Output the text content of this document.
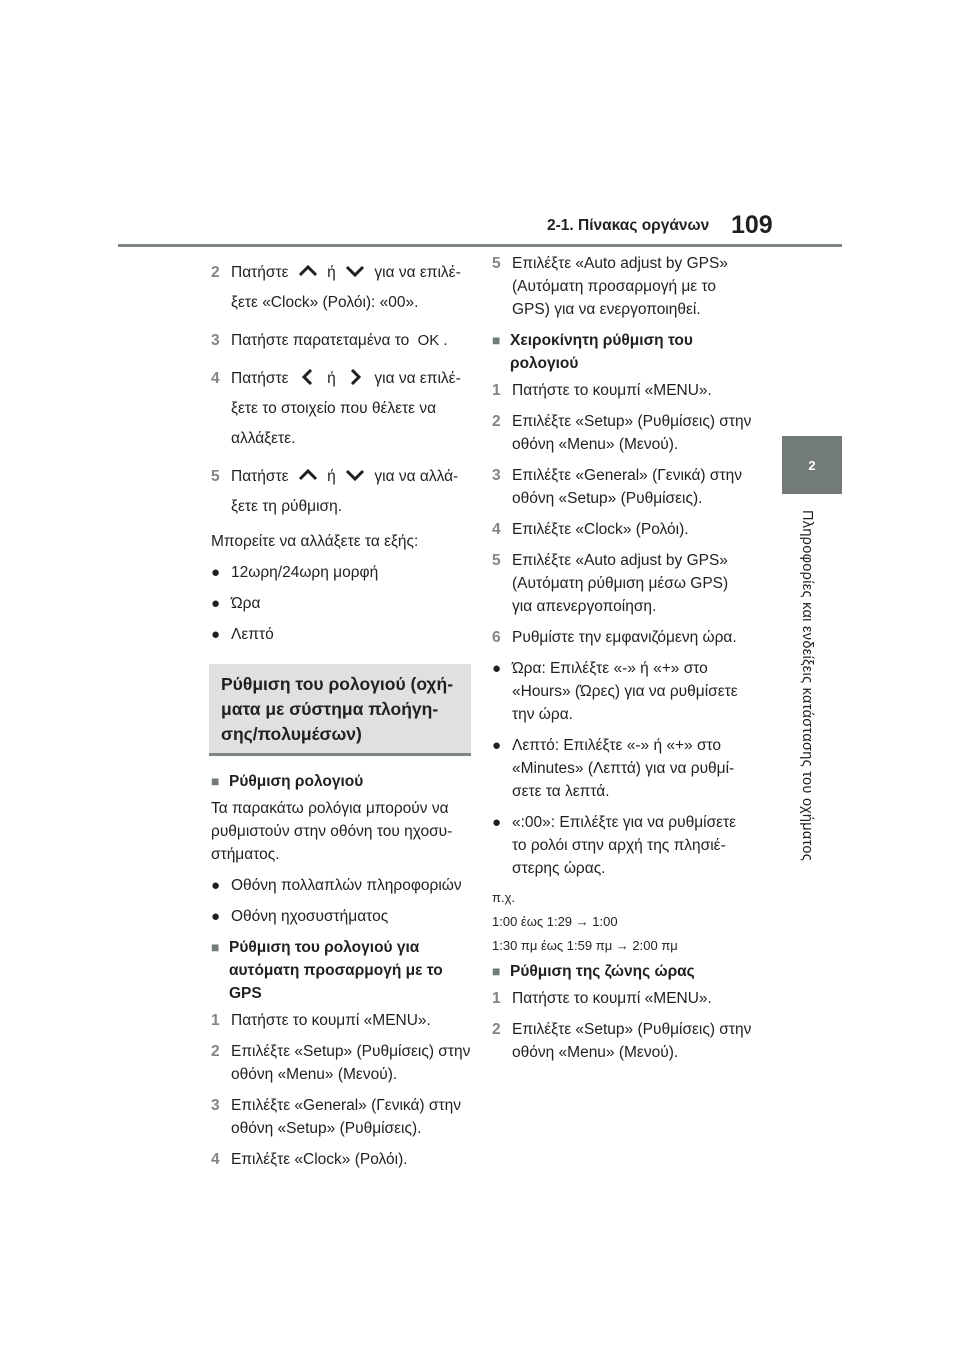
2-1. Πίνακας οργάνων 109
2
Πληροφορίες και ενδείξεις κατάστασης του οχήματος
2 Πατήστε ή για να επιλέξετε «Clock» (Ρολόι): «00».
3 Πατήστε παρατεταμένα το OK .
4 Πατήστε ή για να επιλέξετε το στοιχείο που θέλετε να αλλάξετε.
5 Πατήστε ή για να αλλάξετε τη ρύθμιση.
Μπορείτε να αλλάξετε τα εξής:
● 12ωρη/24ωρη μορφή
● Ώρα
● Λεπτό
Ρύθμιση του ρολογιού (οχήματα με σύστημα πλοήγησης/πολυμέσων)
■ Ρύθμιση ρολογιού
Τα παρακάτω ρολόγια μπορούν να ρυθμιστούν στην οθόνη του ηχοσυστήματος.
● Οθόνη πολλαπλών πληροφοριών
● Οθόνη ηχοσυστήματος
■ Ρύθμιση του ρολογιού για αυτόματη προσαρμογή με το GPS
1 Πατήστε το κουμπί «MENU».
2 Επιλέξτε «Setup» (Ρυθμίσεις) στην οθόνη «Menu» (Μενού).
3 Επιλέξτε «General» (Γενικά) στην οθόνη «Setup» (Ρυθμίσεις).
4 Επιλέξτε «Clock» (Ρολόι).
5 Επιλέξτε «Auto adjust by GPS» (Αυτόματη προσαρμογή με το GPS) για να ενεργοποιηθεί.
■ Χειροκίνητη ρύθμιση του ρολογιού
1 Πατήστε το κουμπί «MENU».
2 Επιλέξτε «Setup» (Ρυθμίσεις) στην οθόνη «Menu» (Μενού).
3 Επιλέξτε «General» (Γενικά) στην οθόνη «Setup» (Ρυθμίσεις).
4 Επιλέξτε «Clock» (Ρολόι).
5 Επιλέξτε «Auto adjust by GPS» (Αυτόματη ρύθμιση μέσω GPS) για απενεργοποίηση.
6 Ρυθμίστε την εμφανιζόμενη ώρα.
● Ώρα: Επιλέξτε «-» ή «+» στο «Hours» (Ώρες) για να ρυθμίσετε την ώρα.
● Λεπτό: Επιλέξτε «-» ή «+» στο «Minutes» (Λεπτά) για να ρυθμίσετε τα λεπτά.
● «:00»: Επιλέξτε για να ρυθμίσετε το ρολόι στην αρχή της πλησιέστερης ώρας.
π.χ.
1:00 έως 1:29 → 1:00
1:30 πμ έως 1:59 πμ → 2:00 πμ
■ Ρύθμιση της ζώνης ώρας
1 Πατήστε το κουμπί «MENU».
2 Επιλέξτε «Setup» (Ρυθμίσεις) στην οθόνη «Menu» (Μενού).
